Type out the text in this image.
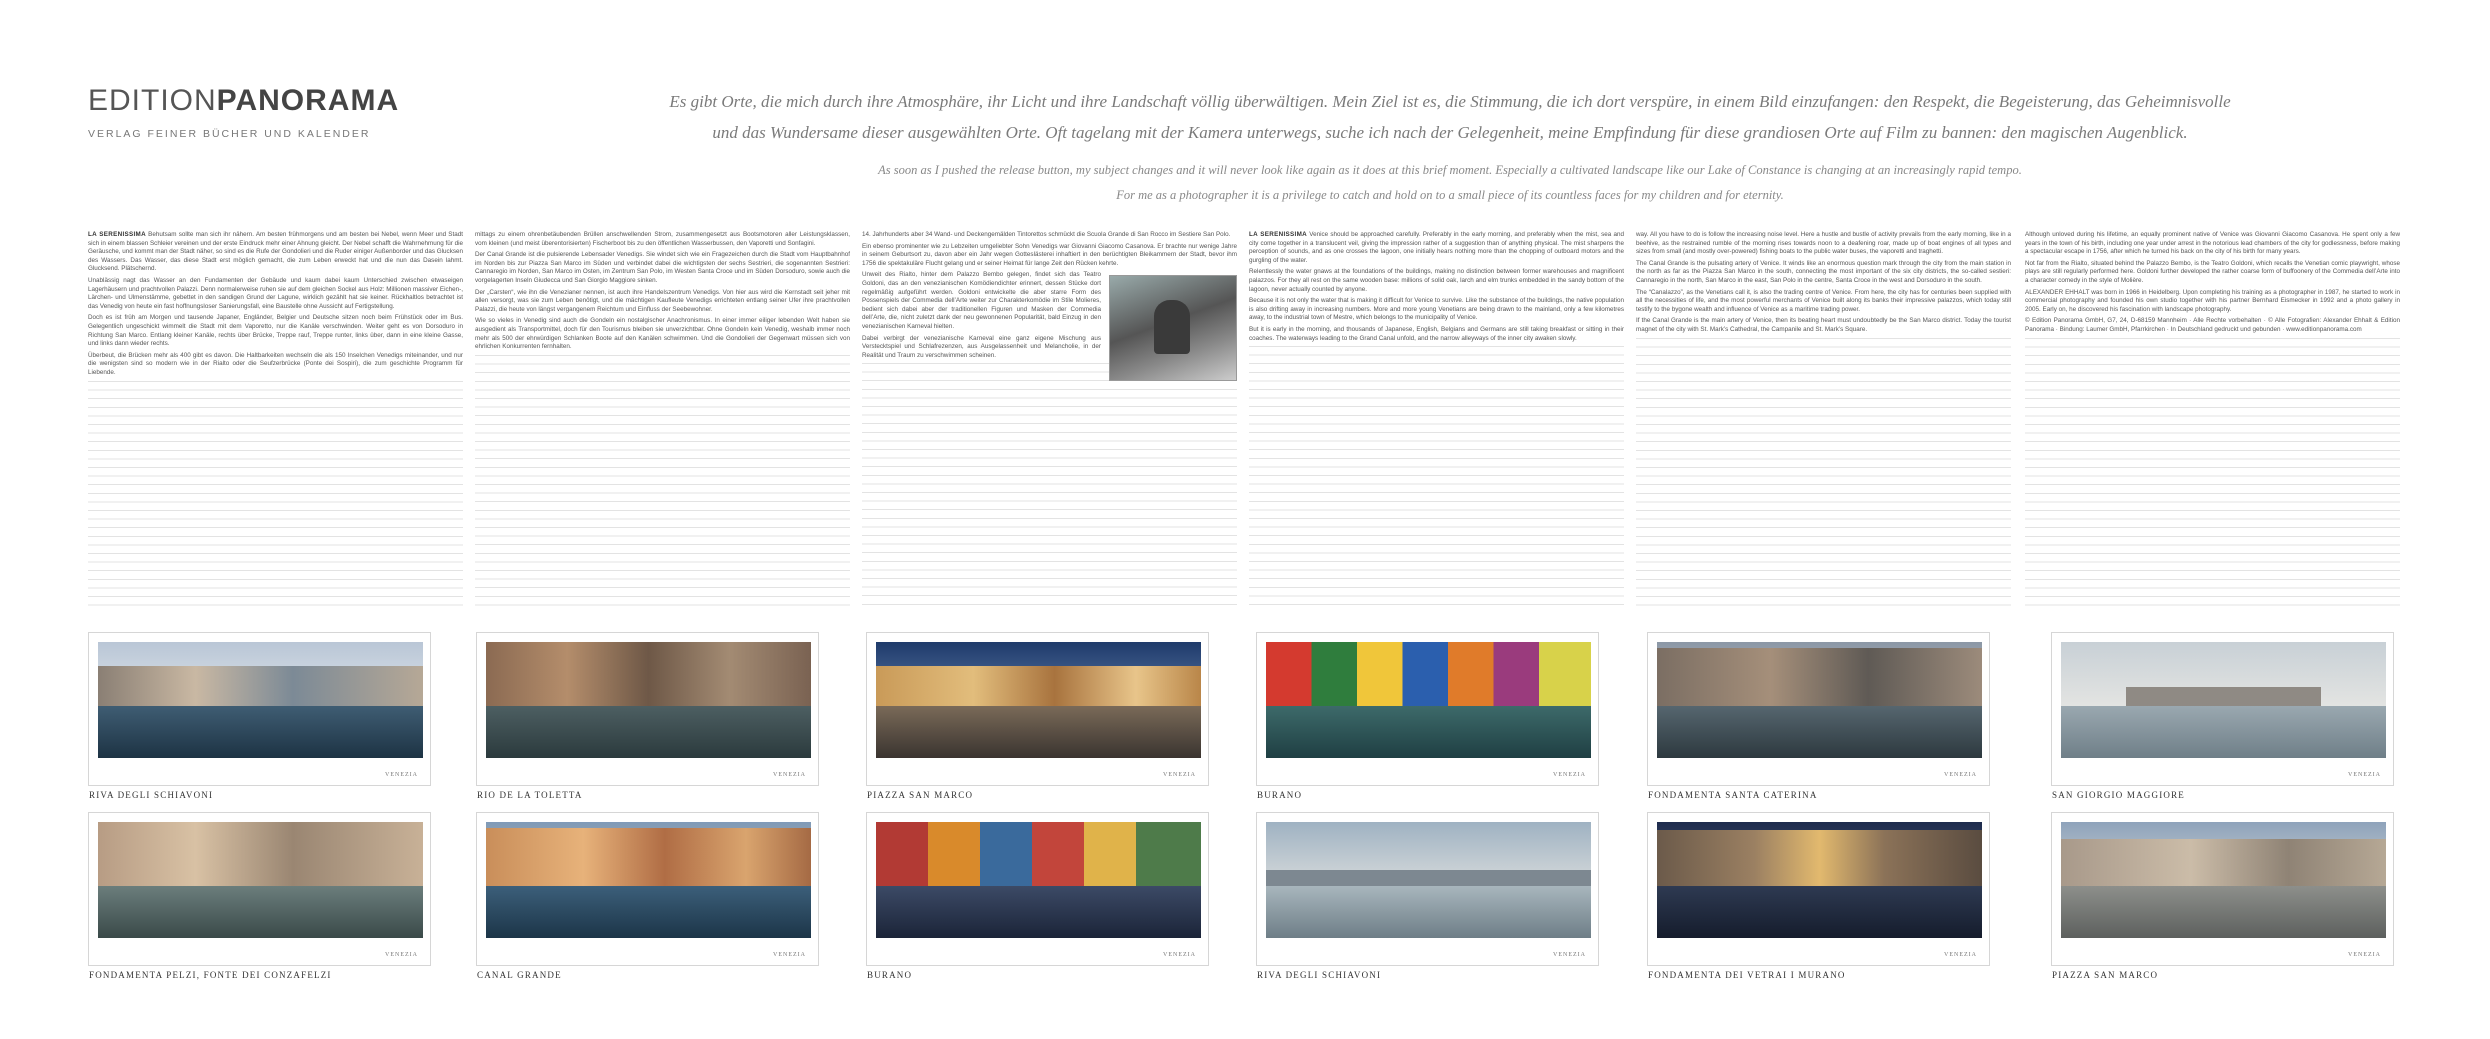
EDITIONPANORAMA
VERLAG FEINER BÜCHER UND KALENDER
Es gibt Orte, die mich durch ihre Atmosphäre, ihr Licht und ihre Landschaft völlig überwältigen. Mein Ziel ist es, die Stimmung, die ich dort verspüre, in einem Bild einzufangen: den Respekt, die Begeisterung, das Geheimnisvolle
und das Wundersame dieser ausgewählten Orte. Oft tagelang mit der Kamera unterwegs, suche ich nach der Gelegenheit, meine Empfindung für diese grandiosen Orte auf Film zu bannen: den magischen Augenblick.
As soon as I pushed the release button, my subject changes and it will never look like again as it does at this brief moment. Especially a cultivated landscape like our Lake of Constance is changing at an increasingly rapid tempo.
For me as a photographer it is a privilege to catch and hold on to a small piece of its countless faces for my children and for eternity.

LA SERENISSIMA Behutsam sollte man sich ihr nähern. Am besten frühmorgens und am besten bei Nebel, wenn Meer und Stadt sich in einem blassen Schleier vereinen und der erste Eindruck mehr einer Ahnung gleicht. Der Nebel schafft die Wahrnehmung für die Geräusche, und kommt man der Stadt näher, so sind es die Rufe der Gondolieri und die Ruder einiger Außenborder und das Glucksen des Wassers. Das Wasser, das diese Stadt erst möglich gemacht, die zum Leben erweckt hat und die nun das Dasein lahmt. Glucksend. Plätschernd.

Unablässig nagt das Wasser an den Fundamenten der Gebäude und kaum dabei kaum Unterschied zwischen etwaseigen Lagerhäusern und prachtvollen Palazzi. Denn normalerweise ruhen sie auf dem gleichen Sockel aus Holz: Millionen massiver Eichen-, Lärchen- und Ulmenstämme, gebettet in den sandigen Grund der Lagune, wirklich gezählt hat sie keiner. Rückhaltlos betrachtet ist das Venedig von heute ein fast hoffnungsloser Sanierungsfall, eine Baustelle ohne Aussicht auf Fertigstellung.

Doch es ist früh am Morgen und tausende Japaner, Engländer, Belgier und Deutsche sitzen noch beim Frühstück oder im Bus. Gelegentlich ungeschickt wimmelt die Stadt mit dem Vaporetto, nur die Kanäle verschwinden. Weiter geht es von Dorsoduro in Richtung San Marco. Entlang kleiner Kanäle, rechts über Brücke, Treppe rauf, Treppe runter, links über, dann in eine kleine Gasse, und links dann wieder rechts.

Überbeut, die Brücken mehr als 400 gibt es davon. Die Haltbarkeiten wechseln die als 150 Inselchen Venedigs miteinander, und nur die wenigsten sind so modern wie in der Rialto oder die Seufzerbrücke (Ponte dei Sospiri), die zum geschichte Programm für Liebende.

mittags zu einem ohrenbetäubenden Brüllen anschwellenden Strom, zusammengesetzt aus Bootsmotoren aller Leistungsklassen, vom kleinen (und meist überentorisierten) Fischerboot bis zu den öffentlichen Wasserbussen, den Vaporetti und Sonfagini.

Der Canal Grande ist die pulsierende Lebensader Venedigs. Sie windet sich wie ein Fragezeichen durch die Stadt vom Hauptbahnhof im Norden bis zur Piazza San Marco im Süden und verbindet dabei die wichtigsten der sechs Sestrieri, die sogenannten Sestrieri: Cannaregio im Norden, San Marco im Osten, im Zentrum San Polo, im Westen Santa Croce und im Süden Dorsoduro, sowie auch die vorgelagerten Inseln Giudecca und San Giorgio Maggiore sinken.

Der „Carsten“, wie ihn die Venezianer nennen, ist auch ihre Handelszentrum Venedigs. Von hier aus wird die Kernstadt seit jeher mit allen versorgt, was sie zum Leben benötigt, und die mächtigen Kaufleute Venedigs errichteten entlang seiner Ufer ihre prachtvollen Palazzi, die heute von längst vergangenem Reichtum und Einfluss der Seebewohner.

Wie so vieles in Venedig sind auch die Gondeln ein nostalgischer Anachronismus. In einer immer eiliger lebenden Welt haben sie ausgedient als Transportmittel, doch für den Tourismus bleiben sie unverzichtbar. Ohne Gondeln kein Venedig, weshalb immer noch mehr als 500 der ehrwürdigen Schlanken Boote auf den Kanälen schwimmen. Und die Gondolieri der Gegenwart müssen sich von ehrlichen Konkurrenten fernhalten.

14. Jahrhunderts aber 34 Wand- und Deckengemälden Tintorettos schmückt die Scuola Grande di San Rocco im Sestiere San Polo.

Ein ebenso prominenter wie zu Lebzeiten umgeliebter Sohn Venedigs war Giovanni Giacomo Casanova. Er brachte nur wenige Jahre in seinem Geburtsort zu, davon aber ein Jahr wegen Gotteslästerei inhaftiert in den berüchtigten Bleikammern der Stadt, bevor ihm 1756 die spektakuläre Flucht gelang und er seiner Heimat für lange Zeit den Rücken kehrte.

Unweit des Rialto, hinter dem Palazzo Bembo gelegen, findet sich das Teatro Goldoni, das an den venezianischen Komödiendichter erinnert, dessen Stücke dort regelmäßig aufgeführt werden. Goldoni entwickelte die aber starre Form des Possenspiels der Commedia dell’Arte weiter zur Charakterkomödie im Stile Molieres, bedient sich dabei aber der traditionellen Figuren und Masken der Commedia dell’Arte, die, nicht zuletzt dank der neu gewonnenen Popularität, bald Einzug in den venezianischen Karneval hielten.

Dabei verbirgt der venezianische Karneval eine ganz eigene Mischung aus Verstecktspiel und Schlafrezenzen, aus Ausgelassenheit und Melancholie, in der Realität und Traum zu verschwimmen scheinen.

LA SERENISSIMA Venice should be approached carefully. Preferably in the early morning, and preferably when the mist, sea and city come together in a translucent veil, giving the impression rather of a suggestion than of anything physical. The mist sharpens the perception of sounds, and as one crosses the lagoon, one initially hears nothing more than the chopping of outboard motors and the gurgling of the water.

Relentlessly the water gnaws at the foundations of the buildings, making no distinction between former warehouses and magnificent palazzos. For they all rest on the same wooden base: millions of solid oak, larch and elm trunks embedded in the sandy bottom of the lagoon, never actually counted by anyone.

Because it is not only the water that is making it difficult for Venice to survive. Like the substance of the buildings, the native population is also drifting away in increasing numbers. More and more young Venetians are being drawn to the mainland, only a few kilometres away, to the industrial town of Mestre, which belongs to the municipality of Venice.

But it is early in the morning, and thousands of Japanese, English, Belgians and Germans are still taking breakfast or sitting in their coaches. The waterways leading to the Grand Canal unfold, and the narrow alleyways of the inner city awaken slowly.

way. All you have to do is follow the increasing noise level. Here a hustle and bustle of activity prevails from the early morning, like in a beehive, as the restrained rumble of the morning rises towards noon to a deafening roar, made up of boat engines of all types and sizes from small (and mostly over-powered) fishing boats to the public water buses, the vaporetti and traghetti.

The Canal Grande is the pulsating artery of Venice. It winds like an enormous question mark through the city from the main station in the north as far as the Piazza San Marco in the south, connecting the most important of the six city districts, the so-called sestieri: Cannaregio in the north, San Marco in the east, San Polo in the centre, Santa Croce in the west and Dorsoduro in the south.

The “Canalazzo”, as the Venetians call it, is also the trading centre of Venice. From here, the city has for centuries been supplied with all the necessities of life, and the most powerful merchants of Venice built along its banks their impressive palazzos, which today still testify to the bygone wealth and influence of Venice as a maritime trading power.

If the Canal Grande is the main artery of Venice, then its beating heart must undoubtedly be the San Marco district. Today the tourist magnet of the city with St. Mark’s Cathedral, the Campanile and St. Mark’s Square.

Although unloved during his lifetime, an equally prominent native of Venice was Giovanni Giacomo Casanova. He spent only a few years in the town of his birth, including one year under arrest in the notorious lead chambers of the city for godlessness, before making a spectacular escape in 1756, after which he turned his back on the city of his birth for many years.

Not far from the Rialto, situated behind the Palazzo Bembo, is the Teatro Goldoni, which recalls the Venetian comic playwright, whose plays are still regularly performed here. Goldoni further developed the rather coarse form of buffoonery of the Commedia dell’Arte into a character comedy in the style of Molière.

ALEXANDER EHHALT was born in 1966 in Heidelberg. Upon completing his training as a photographer in 1987, he started to work in commercial photography and founded his own studio together with his partner Bernhard Eismecker in 1992 and a photo gallery in 2005. Early on, he discovered his fascination with landscape photography.

© Edition Panorama GmbH, G7, 24, D-68159 Mannheim · Alle Rechte vorbehalten · © Alle Fotografien: Alexander Ehhalt & Edition Panorama · Bindung: Laumer GmbH, Pfarrkirchen · In Deutschland gedruckt und gebunden · www.editionpanorama.com

VENEZIA
RIVA DEGLI SCHIAVONI
VENEZIA
RIO DE LA TOLETTA
VENEZIA
PIAZZA SAN MARCO
VENEZIA
BURANO
VENEZIA
FONDAMENTA SANTA CATERINA
VENEZIA
SAN GIORGIO MAGGIORE
VENEZIA
FONDAMENTA PELZI, FONTE DEI CONZAFELZI
VENEZIA
CANAL GRANDE
VENEZIA
BURANO
VENEZIA
RIVA DEGLI SCHIAVONI
VENEZIA
FONDAMENTA DEI VETRAI I MURANO
VENEZIA
PIAZZA SAN MARCO
